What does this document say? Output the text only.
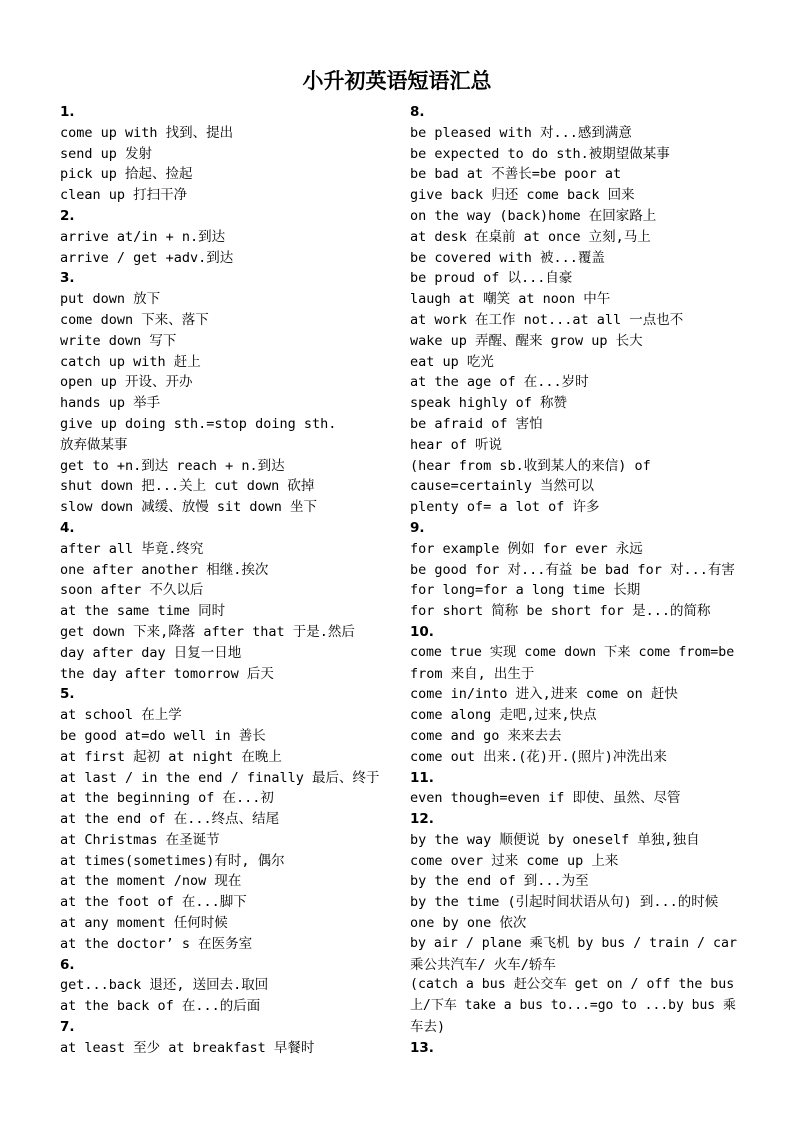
小升初英语短语汇总
1.
come up with 找到、提出
send up 发射
pick up 拾起、捡起
clean up 打扫干净
2.
arrive at/in + n.到达
arrive / get +adv.到达
3.
put down 放下
come down 下来、落下
write down 写下
catch up with 赶上
open up 开设、开办
hands up 举手
give up doing sth.=stop doing sth.
放弃做某事
get to +n.到达 reach + n.到达
shut down 把...关上 cut down 砍掉
slow down 减缓、放慢 sit down 坐下
4.
after all 毕竟.终究
one after another 相继.挨次
soon after 不久以后
at the same time 同时
get down 下来,降落 after that 于是.然后
day after day 日复一日地
the day after tomorrow 后天
5.
at school 在上学
be good at=do well in 善长
at first 起初 at night 在晚上
at last / in the end / finally 最后、终于
at the beginning of 在...初
at the end of 在...终点、结尾
at Christmas 在圣诞节
at times(sometimes)有时, 偶尔
at the moment /now 现在
at the foot of 在...脚下
at any moment 任何时候
at the doctor’ s 在医务室
6.
get...back 退还, 送回去.取回
at the back of 在...的后面
7.
at least 至少 at breakfast 早餐时
8.
be pleased with 对...感到满意
be expected to do sth.被期望做某事
be bad at 不善长=be poor at
give back 归还 come back 回来
on the way (back)home 在回家路上
at desk 在桌前 at once 立刻,马上
be covered with 被...覆盖
be proud of 以...自豪
laugh at 嘲笑 at noon 中午
at work 在工作 not...at all 一点也不
wake up 弄醒、醒来 grow up 长大
eat up 吃光
at the age of 在...岁时
speak highly of 称赞
be afraid of 害怕
hear of 听说
(hear from sb.收到某人的来信) of
cause=certainly 当然可以
plenty of= a lot of 许多
9.
for example 例如 for ever 永远
be good for 对...有益 be bad for 对...有害
for long=for a long time 长期
for short 简称 be short for 是...的简称
10.
come true 实现 come down 下来 come from=be
from 来自, 出生于
come in/into 进入,进来 come on 赶快
come along 走吧,过来,快点
come and go 来来去去
come out 出来.(花)开.(照片)冲洗出来
11.
even though=even if 即使、虽然、尽管
12.
by the way 顺便说 by oneself 单独,独自
come over 过来 come up 上来
by the end of 到...为至
by the time (引起时间状语从句) 到...的时候
one by one 依次
by air / plane 乘飞机 by bus / train / car
乘公共汽车/ 火车/轿车
(catch a bus 赶公交车 get on / off the bus
上/下车 take a bus to...=go to ...by bus 乘
车去)
13.
